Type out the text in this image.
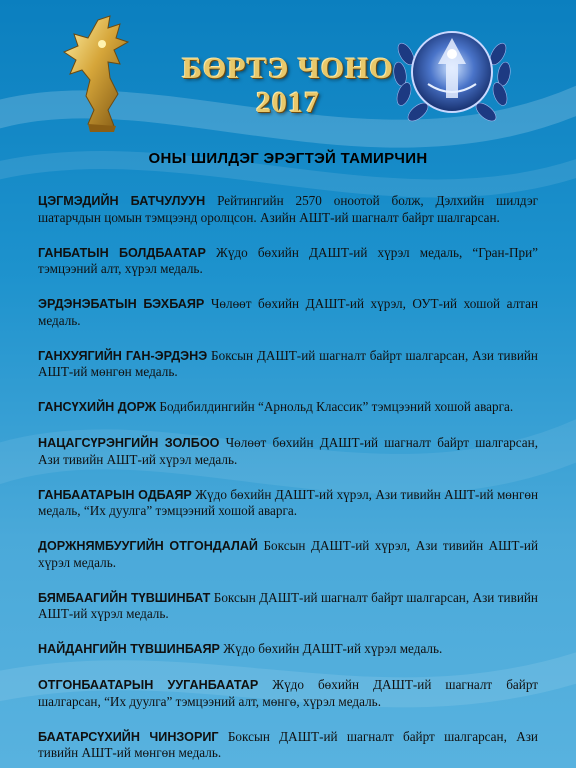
БӨРТЭ ЧОНО
2017
ОНЫ ШИЛДЭГ ЭРЭГТЭЙ ТАМИРЧИН
ЦЭГМЭДИЙН БАТЧУЛУУН Рейтингийн 2570 оноотой болж, Дэлхийн шилдэг шатарчдын цомын тэмцээнд оролцсон. Азийн АШТ-ий шагналт байрт шалгарсан.
ГАНБАТЫН БОЛДБААТАР Жүдо бөхийн ДАШТ-ий хүрэл медаль, “Гран-При” тэмцээний алт, хүрэл медаль.
ЭРДЭНЭБАТЫН БЭХБАЯР Чөлөөт бөхийн ДАШТ-ий хүрэл, ОУТ-ий хошой алтан медаль.
ГАНХУЯГИЙН ГАН-ЭРДЭНЭ Боксын ДАШТ-ий шагналт байрт шалгарсан, Ази тивийн АШТ-ий мөнгөн медаль.
ГАНСҮХИЙН ДОРЖ Бодибилдингийн “Арнольд Классик” тэмцээний хошой аварга.
НАЦАГСҮРЭНГИЙН ЗОЛБОО Чөлөөт бөхийн ДАШТ-ий шагналт байрт шалгарсан, Ази тивийн АШТ-ий хүрэл медаль.
ГАНБААТАРЫН ОДБАЯР Жүдо бөхийн ДАШТ-ий хүрэл, Ази тивийн АШТ-ий мөнгөн медаль, “Их дуулга” тэмцээний хошой аварга.
ДОРЖНЯМБУУГИЙН ОТГОНДАЛАЙ Боксын ДАШТ-ий хүрэл, Ази тивийн АШТ-ий хүрэл медаль.
БЯМБААГИЙН ТҮВШИНБАТ Боксын ДАШТ-ий шагналт байрт шалгарсан, Ази тивийн АШТ-ий хүрэл медаль.
НАЙДАНГИЙН ТҮВШИНБАЯР Жүдо бөхийн ДАШТ-ий хүрэл медаль.
ОТГОНБААТАРЫН УУГАНБААТАР Жүдо бөхийн ДАШТ-ий шагналт байрт шалгарсан, “Их дуулга” тэмцээний алт, мөнгө, хүрэл медаль.
БААТАРСҮХИЙН ЧИНЗОРИГ Боксын ДАШТ-ий шагналт байрт шалгарсан, Ази тивийн АШТ-ий мөнгөн медаль.
